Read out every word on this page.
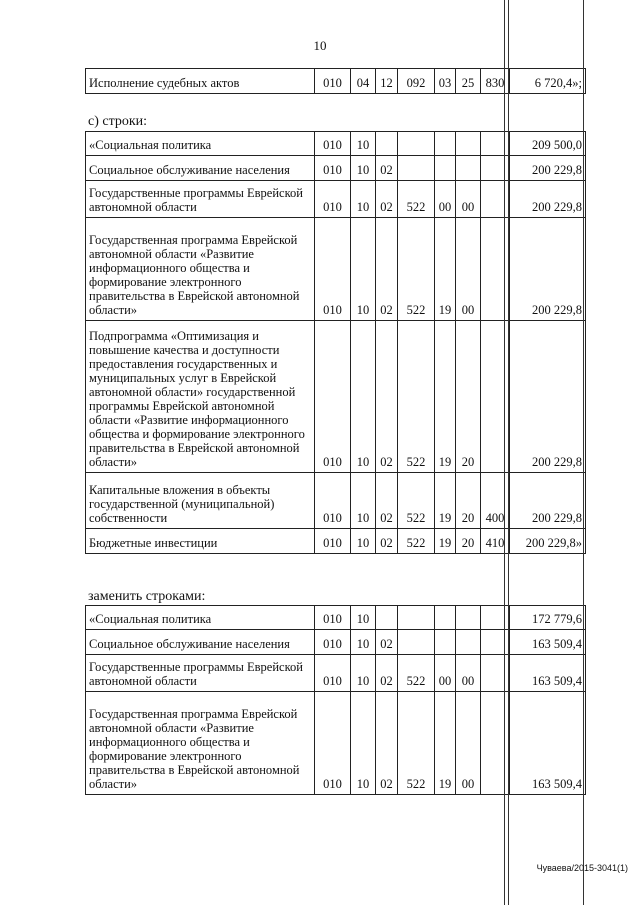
10
Исполнение судебных актов	010	04	12	092	03	25	830	6 720,4»;
с) строки:
«Социальная политика	010	10						209 500,0
Социальное обслуживание населения	010	10	02					200 229,8
Государственные программы Еврейской автономной области	010	10	02	522	00	00		200 229,8
Государственная программа Еврейской автономной области «Развитие информационного общества и формирование электронного правительства в Еврейской автономной области»	010	10	02	522	19	00		200 229,8
Подпрограмма «Оптимизация и повышение качества и доступности предоставления государственных и муниципальных услуг в Еврейской автономной области» государственной программы Еврейской автономной области «Развитие информационного общества и формирование электронного правительства в Еврейской автономной области»	010	10	02	522	19	20		200 229,8
Капитальные вложения в объекты государственной (муниципальной) собственности	010	10	02	522	19	20	400	200 229,8
Бюджетные инвестиции	010	10	02	522	19	20	410	200 229,8»
заменить строками:
«Социальная политика	010	10						172 779,6
Социальное обслуживание населения	010	10	02					163 509,4
Государственные программы Еврейской автономной области	010	10	02	522	00	00		163 509,4
Государственная программа Еврейской автономной области «Развитие информационного общества и формирование электронного правительства в Еврейской автономной области»	010	10	02	522	19	00		163 509,4
Чуваева/2015-3041(1)
